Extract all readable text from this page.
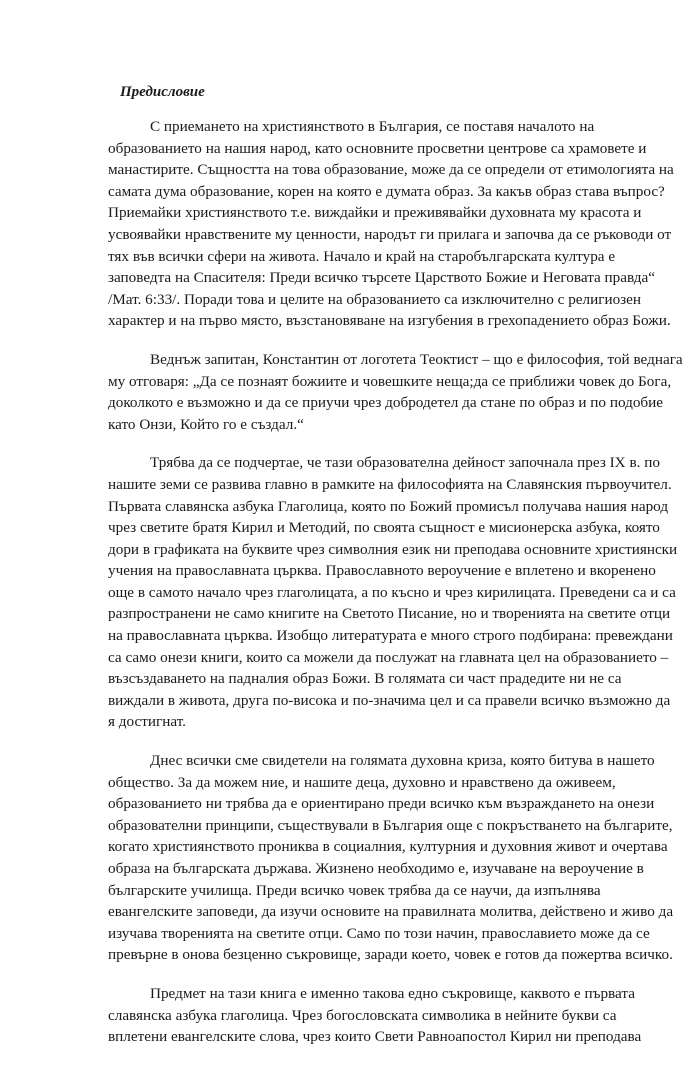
Предисловие
С приемането на християнството в България, се поставя началото на
образованието на нашия народ, като основните просветни центрове са храмовете и
манастирите. Същността на това образование, може да се определи от етимологията на
самата дума образование, корен на която е думата образ. За какъв образ става въпрос?
Приемайки християнството т.е. виждайки и преживявайки духовната му красота и
усвоявайки нравствените му ценности, народът ги прилага и започва да се ръководи от
тях във всички сфери на живота. Начало и край на старобългарската култура е
заповедта на Спасителя: Преди всичко търсете Царството Божие и Неговата правда“
/Мат. 6:33/. Поради това и целите на образованието са изключително с религиозен
характер и на първо място, възстановяване на изгубения в грехопадението образ Божи.
Веднъж запитан, Константин от логотета Теоктист – що е философия, той веднага
му отговаря: „Да се познаят божиите и човешките неща;да се приближи човек до Бога,
доколкото е възможно и да се приучи чрез добродетел да стане по образ и по подобие
като Онзи, Който го е създал.“
Трябва да се подчертае, че тази образователна дейност започнала през IX в. по
нашите земи се развива главно в рамките на философията на Славянския първоучител.
Първата славянска азбука Глаголица, която по Божий промисъл получава нашия народ
чрез светите братя Кирил и Методий, по своята същност е мисионерска азбука, която
дори в графиката на буквите чрез символния език ни преподава основните християнски
учения на православната църква. Православното вероучение е вплетено и вкоренено
още в самото начало чрез глаголицата, а по късно и чрез кирилицата. Преведени са и са
разпространени не само книгите на Светото Писание, но и творенията на светите отци
на православната църква. Изобщо литературата е много строго подбирана: превеждани
са само онези книги, които са можели да послужат на главната цел на образованието –
възсъздаването на падналия образ Божи. В голямата си част прадедите ни не са
виждали в живота, друга по-висока и по-значима цел и са правели всичко възможно да
я достигнат.
Днес всички сме свидетели на голямата духовна криза, която битува в нашето
общество. За да можем ние, и нашите деца, духовно и нравствено да оживеем,
образованието ни трябва да е ориентирано преди всичко към възраждането на онези
образователни принципи, съществували в България още с покръстването на българите,
когато християнството прониква в социалния, културния и духовния живот и очертава
образа на българската държава. Жизнено необходимо е, изучаване на вероучение в
българските училища. Преди всичко човек трябва да се научи, да изпълнява
евангелските заповеди, да изучи основите на правилната молитва, действено и живо да
изучава творенията на светите отци. Само по този начин, православието може да се
превърне в онова безценно съкровище, заради което, човек е готов да пожертва всичко.
Предмет на тази книга е именно такова едно съкровище, каквото е първата
славянска азбука глаголица. Чрез богословската символика в нейните букви са
вплетени евангелските слова, чрез които Свети Равноапостол Кирил ни преподава
